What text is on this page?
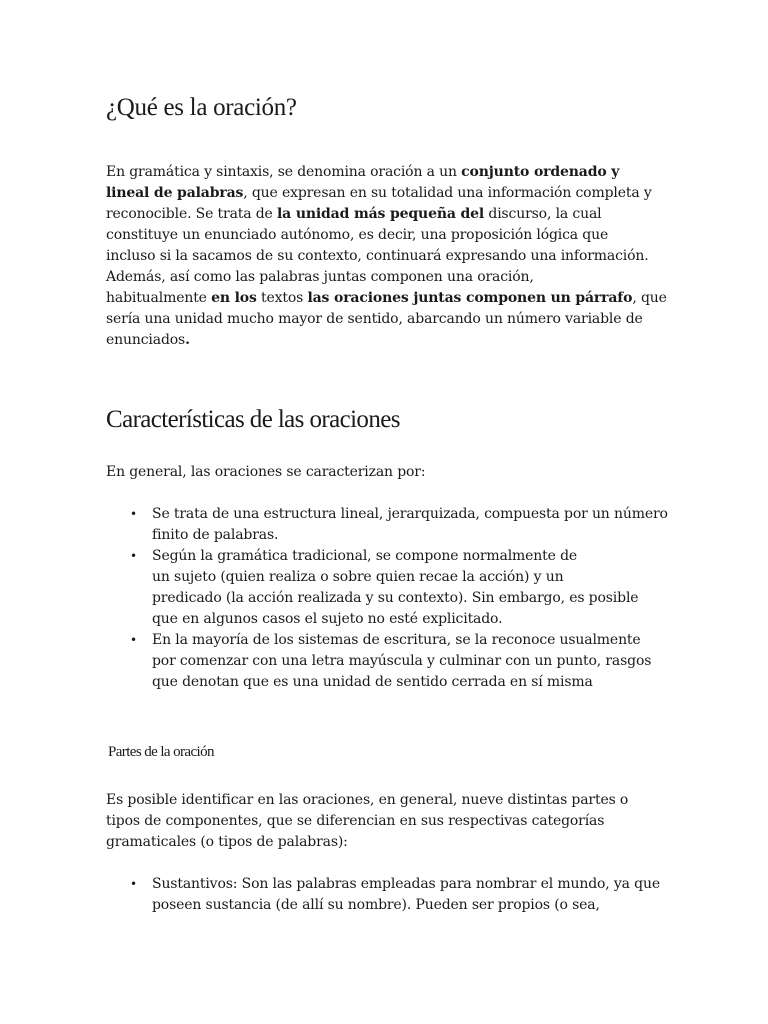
¿Qué es la oración?

En gramática y sintaxis, se denomina oración a un conjunto ordenado y
lineal de palabras, que expresan en su totalidad una información completa y
reconocible. Se trata de la unidad más pequeña del discurso, la cual
constituye un enunciado autónomo, es decir, una proposición lógica que
incluso si la sacamos de su contexto, continuará expresando una información.
Además, así como las palabras juntas componen una oración,
habitualmente en los textos las oraciones juntas componen un párrafo, que
sería una unidad mucho mayor de sentido, abarcando un número variable de
enunciados.

Características de las oraciones

En general, las oraciones se caracterizan por:

• Se trata de una estructura lineal, jerarquizada, compuesta por un número
finito de palabras.
• Según la gramática tradicional, se compone normalmente de
un sujeto (quien realiza o sobre quien recae la acción) y un
predicado (la acción realizada y su contexto). Sin embargo, es posible
que en algunos casos el sujeto no esté explicitado.
• En la mayoría de los sistemas de escritura, se la reconoce usualmente
por comenzar con una letra mayúscula y culminar con un punto, rasgos
que denotan que es una unidad de sentido cerrada en sí misma
Partes de la oración

Es posible identificar en las oraciones, en general, nueve distintas partes o
tipos de componentes, que se diferencian en sus respectivas categorías
gramaticales (o tipos de palabras):

• Sustantivos: Son las palabras empleadas para nombrar el mundo, ya que
poseen sustancia (de allí su nombre). Pueden ser propios (o sea,
